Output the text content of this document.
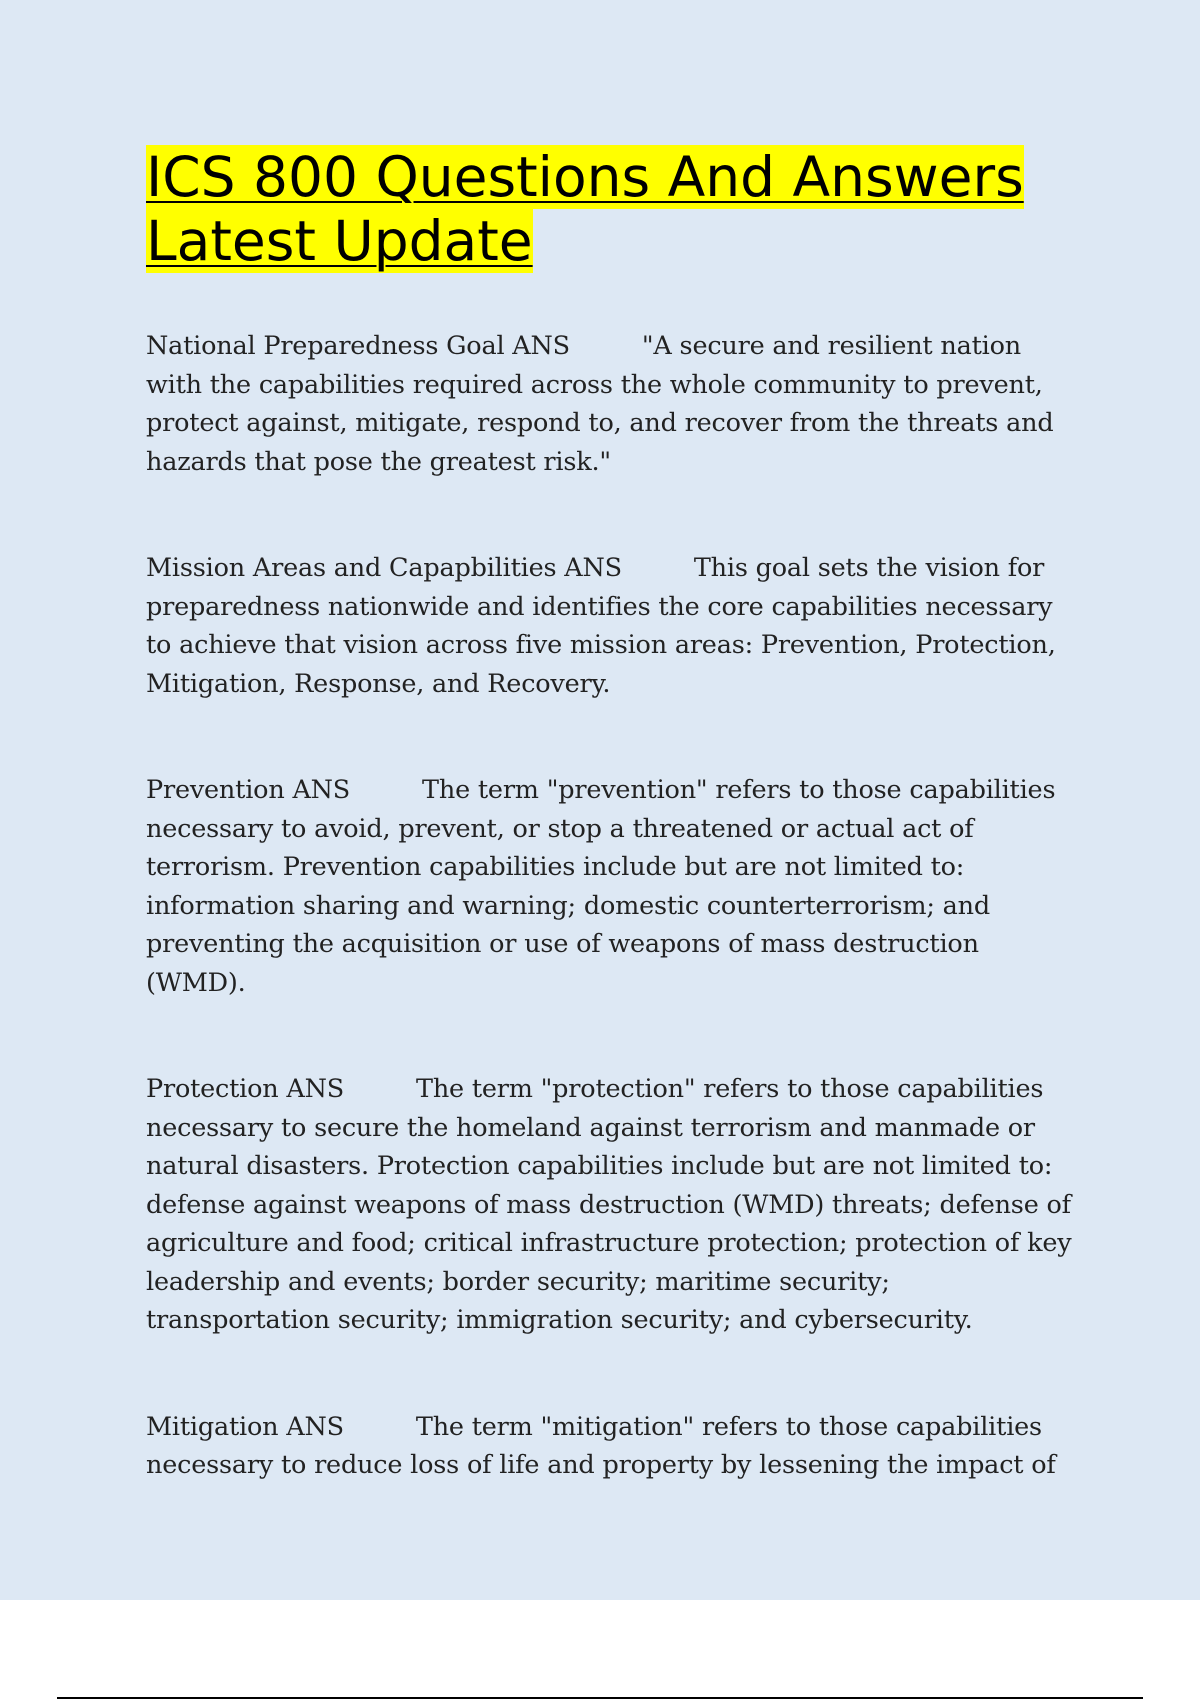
ICS 800 Questions And Answers
Latest Update

National Preparedness Goal ANS	"A secure and resilient nation with the capabilities required across the whole community to prevent, protect against, mitigate, respond to, and recover from the threats and hazards that pose the greatest risk."

Mission Areas and Capapbilities ANS	This goal sets the vision for preparedness nationwide and identifies the core capabilities necessary to achieve that vision across five mission areas: Prevention, Protection, Mitigation, Response, and Recovery.

Prevention ANS	The term "prevention" refers to those capabilities necessary to avoid, prevent, or stop a threatened or actual act of terrorism. Prevention capabilities include but are not limited to: information sharing and warning; domestic counterterrorism; and preventing the acquisition or use of weapons of mass destruction (WMD).

Protection ANS	The term "protection" refers to those capabilities necessary to secure the homeland against terrorism and manmade or natural disasters. Protection capabilities include but are not limited to: defense against weapons of mass destruction (WMD) threats; defense of agriculture and food; critical infrastructure protection; protection of key leadership and events; border security; maritime security; transportation security; immigration security; and cybersecurity.

Mitigation ANS	The term "mitigation" refers to those capabilities necessary to reduce loss of life and property by lessening the impact of
